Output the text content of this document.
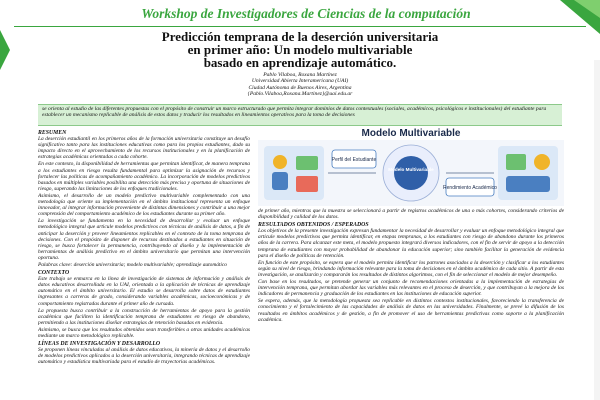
Workshop de Investigadores de Ciencias de la computación
Predicción temprana de la deserción universitaria
en primer año: Un modelo multivariable
basado en aprendizaje automático.
Pablo Vilaboa, Roxana Martínez
Universidad Abierta Interamericana (UAI)
Ciudad Autónoma de Buenos Aires, Argentina
{Pablo.Vilaboa,Roxana.Martinez}@uai.edu.ar
se orienta al estudio de las diferentes propuestas con el propósito de construir un marco estructurado que permita integrar dominios de datos contextuales (sociales, académicos, psicológicos e institucionales) del estudiante para establecer un mecanismo replicable de análisis de estos datos y traducir los resultados en lineamientos operativos para la toma de decisiones
RESUMEN

La deserción estudiantil en los primeros años de la formación universitaria constituye un desafío significativo tanto para las instituciones educativas como para los propios estudiantes, dado su impacto directo en el aprovechamiento de los recursos institucionales y en la planificación de estrategias académicas orientadas a cada cohorte.

En este contexto, la disponibilidad de herramientas que permitan identificar, de manera temprana a los estudiantes en riesgo resulta fundamental para optimizar la asignación de recursos y fortalecer las políticas de acompañamiento académico. La incorporación de modelos predictivos basados en múltiples variables posibilita una detección más precisa y oportuna de situaciones de riesgo, superando las limitaciones de los enfoques tradicionales.

Asimismo, el desarrollo de un modelo predictivo multivariable complementado con una metodología que oriente su implementación en el ámbito institucional representa un enfoque innovador, al integrar información proveniente de distintas dimensiones y contribuir a una mejor comprensión del comportamiento académico de los estudiantes durante su primer año.

La investigación se fundamenta en la necesidad de desarrollar y evaluar un enfoque metodológico integral que articule modelos predictivos con técnicas de análisis de datos, a fin de anticipar la deserción y proveer lineamientos replicables en el contexto de la toma temprana de decisiones. Con el propósito de disponer de recursos destinados a estudiantes en situación de riesgo, se busca fortalecer la permanencia, contribuyendo al diseño y la implementación de herramientas de análisis predictivo en el ámbito universitario que permitan una intervención oportuna.

Palabras clave: deserción universitaria; modelo multivariable; aprendizaje automático

CONTEXTO

Este trabajo se enmarca en la línea de investigación de sistemas de información y análisis de datos educativos desarrollada en la UAI, orientada a la aplicación de técnicas de aprendizaje automático en el ámbito universitario. El estudio se desarrolla sobre datos de estudiantes ingresantes a carreras de grado, considerando variables académicas, socioeconómicas y de comportamiento registradas durante el primer año de cursada.

La propuesta busca contribuir a la construcción de herramientas de apoyo para la gestión académica que faciliten la identificación temprana de estudiantes en riesgo de abandono, permitiendo a las instituciones diseñar estrategias de retención basadas en evidencia.

Asimismo, se busca que los resultados obtenidos sean transferibles a otras unidades académicas mediante un marco metodológico replicable.

LÍNEAS DE INVESTIGACIÓN Y DESARROLLO

Se proponen líneas vinculadas al análisis de datos educativos, la minería de datos y el desarrollo de modelos predictivos aplicados a la deserción universitaria, integrando técnicas de aprendizaje automático y estadística multivariada para el estudio de trayectorias académicas.

Modelo Multivariable
Perfil del Estudiante
Rendimiento Académico
Modelo Multivariable

de primer año, mientras que la muestra se seleccionará a partir de registros académicos de una o más cohortes, considerando criterios de disponibilidad y calidad de los datos.

RESULTADOS OBTENIDOS / ESPERADOS

Los objetivos de la presente investigación expresan fundamentar la necesidad de desarrollar y evaluar un enfoque metodológico integral que articule modelos predictivos que permita identificar, en etapas tempranas, a los estudiantes con riesgo de abandono durante los primeros años de la carrera. Para alcanzar este meta, el modelo propuesto integrará diversos indicadores, con el fin de servir de apoyo a la detección temprana de estudiantes con mayor probabilidad de abandonar la educación superior; sino también facilitar la generación de evidencia para el diseño de políticas de retención.

En función de este propósito, se espera que el modelo permita identificar los patrones asociados a la deserción y clasificar a los estudiantes según su nivel de riesgo, brindando información relevante para la toma de decisiones en el ámbito académico de cada sitio. A partir de esta investigación, se analizarán y compararán los resultados de distintos algoritmos, con el fin de seleccionar el modelo de mejor desempeño.

Con base en los resultados, se pretende generar un conjunto de recomendaciones orientadas a la implementación de estrategias de intervención temprana, que permitan abordar las variables más relevantes en el proceso de deserción, y que contribuyan a la mejora de los indicadores de permanencia y graduación de los estudiantes en las instituciones de educación superior.

Se espera, además, que la metodología propuesta sea replicable en distintos contextos institucionales, favoreciendo la transferencia de conocimiento y el fortalecimiento de las capacidades de análisis de datos en las universidades. Finalmente, se prevé la difusión de los resultados en ámbitos académicos y de gestión, a fin de promover el uso de herramientas predictivas como soporte a la planificación académica.
